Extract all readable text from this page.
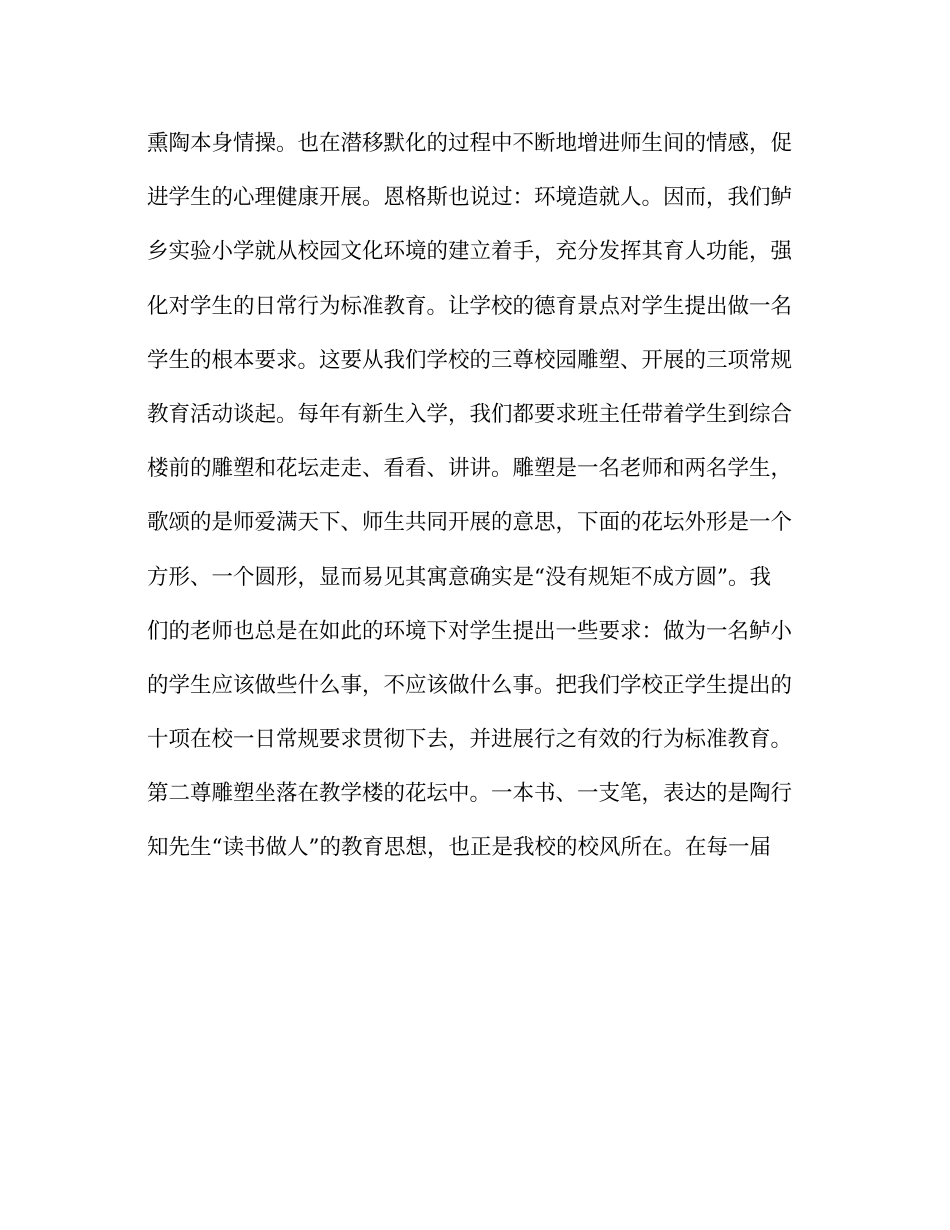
熏陶本身情操。也在潜移默化的过程中不断地增进师生间的情感，促
进学生的心理健康开展。恩格斯也说过：环境造就人。因而，我们鲈
乡实验小学就从校园文化环境的建立着手，充分发挥其育人功能，强
化对学生的日常行为标准教育。让学校的德育景点对学生提出做一名
学生的根本要求。这要从我们学校的三尊校园雕塑、开展的三项常规
教育活动谈起。每年有新生入学，我们都要求班主任带着学生到综合
楼前的雕塑和花坛走走、看看、讲讲。雕塑是一名老师和两名学生，
歌颂的是师爱满天下、师生共同开展的意思，下面的花坛外形是一个
方形、一个圆形，显而易见其寓意确实是“没有规矩不成方圆”。我
们的老师也总是在如此的环境下对学生提出一些要求：做为一名鲈小
的学生应该做些什么事，不应该做什么事。把我们学校正学生提出的
十项在校一日常规要求贯彻下去，并进展行之有效的行为标准教育。
第二尊雕塑坐落在教学楼的花坛中。一本书、一支笔，表达的是陶行
知先生“读书做人”的教育思想，也正是我校的校风所在。在每一届
